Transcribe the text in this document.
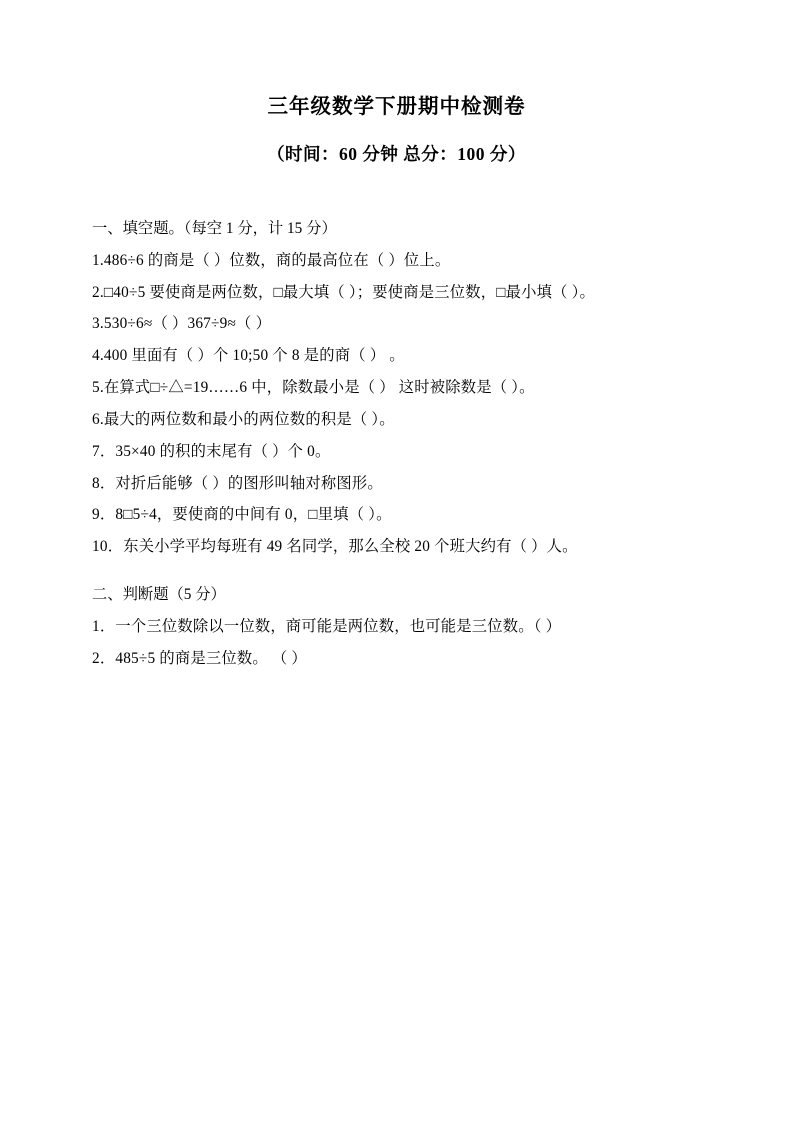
三年级数学下册期中检测卷
（时间：60 分钟 总分：100 分）

一、填空题。（每空 1 分，计 15 分）

1.486÷6 的商是（ ）位数，商的最高位在（ ）位上。

2.□40÷5 要使商是两位数，□最大填（ ）；要使商是三位数，□最小填（ ）。

3.530÷6≈（ ）367÷9≈（ ）

4.400 里面有（ ）个 10;50 个 8 是的商（ ） 。

5.在算式□÷△=19……6 中，除数最小是（ ） 这时被除数是（ ）。

6.最大的两位数和最小的两位数的积是（ ）。

7．35×40 的积的末尾有（ ）个 0。

8．对折后能够（ ）的图形叫轴对称图形。

9．8□5÷4，要使商的中间有 0，□里填（ ）。

10．东关小学平均每班有 49 名同学，那么全校 20 个班大约有（ ）人。

二、判断题（5 分）

1．一个三位数除以一位数，商可能是两位数，也可能是三位数。（ ）

2．485÷5 的商是三位数。 （ ）
